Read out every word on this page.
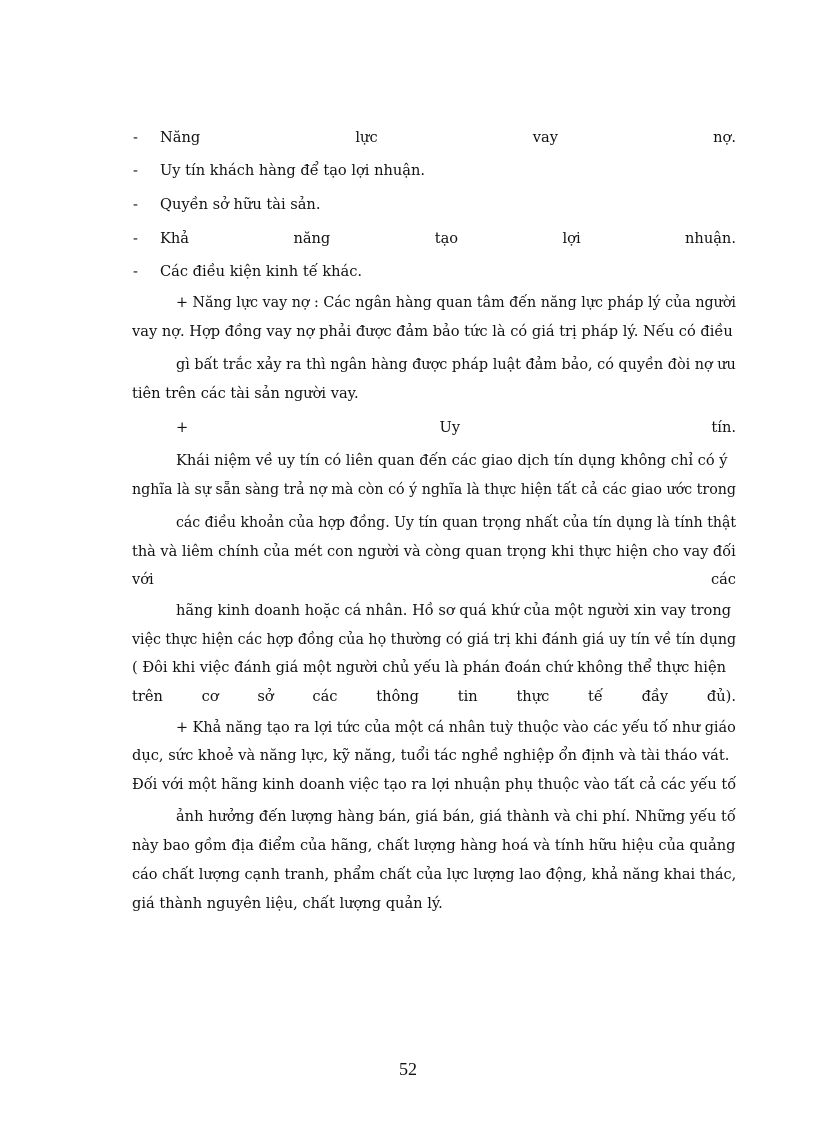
- Năng	lực	vay	nợ.
- Uy tín khách hàng để tạo lợi nhuận.
- Quyền sở hữu tài sản.
- Khả	năng	tạo	lợi	nhuận.
- Các điều kiện kinh tế khác.
+ Năng lực vay nợ : Các ngân hàng quan tâm đến năng lực pháp lý của người
vay nợ. Hợp đồng vay nợ phải được đảm bảo tức là có giá trị pháp lý. Nếu có điều
gì bất trắc xảy ra thì ngân hàng được pháp luật đảm bảo, có quyền đòi nợ ưu
tiên trên các tài sản người vay.
+	Uy	tín.
Khái niệm về uy tín có liên quan đến các giao dịch tín dụng không chỉ có ý
nghĩa là sự sẵn sàng trả nợ mà còn có ý nghĩa là thực hiện tất cả các giao ước trong
các điều khoản của hợp đồng. Uy tín quan trọng nhất của tín dụng là tính thật
thà và liêm chính của mét con người và còng quan trọng khi thực hiện cho vay đối
với	các
hãng kinh doanh hoặc cá nhân. Hồ sơ quá khứ của một người xin vay trong
việc thực hiện các hợp đồng của họ thường có giá trị khi đánh giá uy tín về tín dụng
( Đôi khi việc đánh giá một người chủ yếu là phán đoán chứ không thể thực hiện
trên	cơ	sở	các	thông	tin	thực	tế	đầy	đủ).
+ Khả năng tạo ra lợi tức của một cá nhân tuỳ thuộc vào các yếu tố như giáo
dục, sức khoẻ và năng lực, kỹ năng, tuổi tác nghề nghiệp ổn định và tài tháo vát.
Đối với một hãng kinh doanh việc tạo ra lợi nhuận phụ thuộc vào tất cả các yếu tố
ảnh hưởng đến lượng hàng bán, giá bán, giá thành và chi phí. Những yếu tố
này bao gồm địa điểm của hãng, chất lượng hàng hoá và tính hữu hiệu của quảng
cáo chất lượng cạnh tranh, phẩm chất của lực lượng lao động, khả năng khai thác,
giá thành nguyên liệu, chất lượng quản lý.
52
